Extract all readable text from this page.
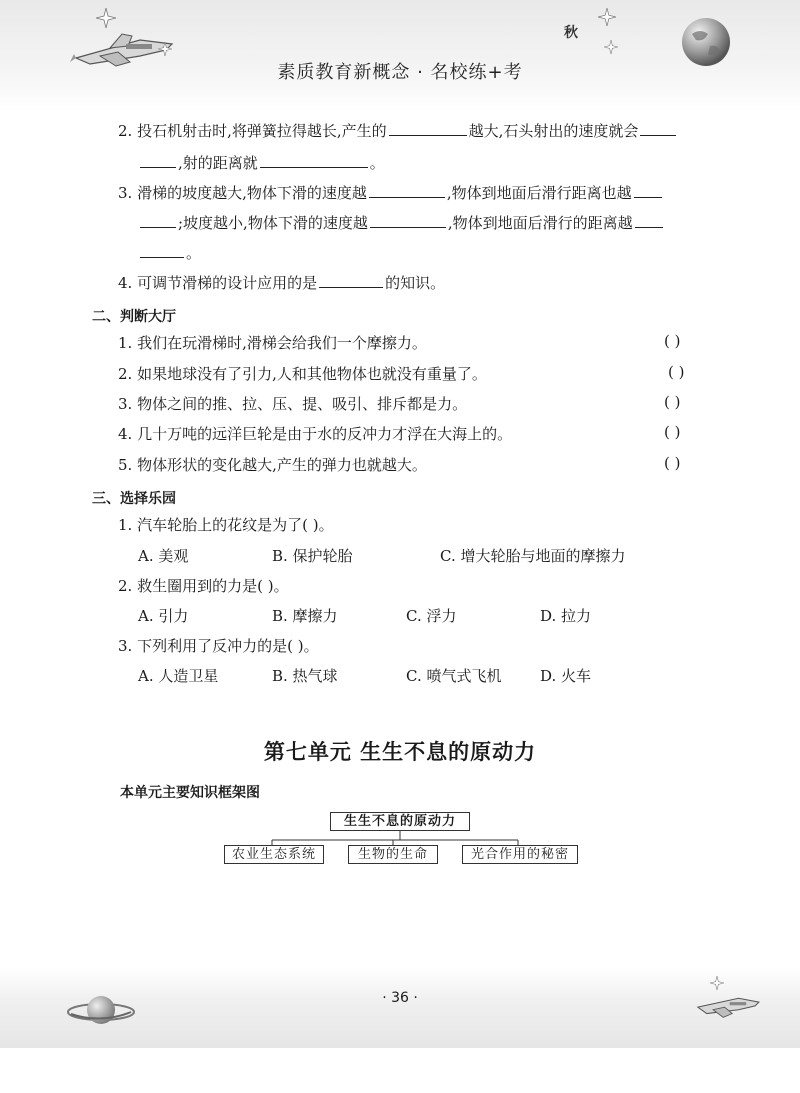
秋
素质教育新概念 · 名校练+考
2. 投石机射击时,将弹簧拉得越长,产生的	越大,石头射出的速度就会
,射的距离就	。
3. 滑梯的坡度越大,物体下滑的速度越	,物体到地面后滑行距离也越
;坡度越小,物体下滑的速度越	,物体到地面后滑行的距离越
。
4. 可调节滑梯的设计应用的是	的知识。
二、判断大厅
1. 我们在玩滑梯时,滑梯会给我们一个摩擦力。	( )
2. 如果地球没有了引力,人和其他物体也就没有重量了。	( )
3. 物体之间的推、拉、压、提、吸引、排斥都是力。	( )
4. 几十万吨的远洋巨轮是由于水的反冲力才浮在大海上的。	( )
5. 物体形状的变化越大,产生的弹力也就越大。	( )
三、选择乐园
1. 汽车轮胎上的花纹是为了( )。
A. 美观	B. 保护轮胎	C. 增大轮胎与地面的摩擦力
2. 救生圈用到的力是( )。
A. 引力	B. 摩擦力	C. 浮力	D. 拉力
3. 下列利用了反冲力的是( )。
A. 人造卫星	B. 热气球	C. 喷气式飞机	D. 火车
第七单元 生生不息的原动力
本单元主要知识框架图
生生不息的原动力
农业生态系统	生物的生命	光合作用的秘密
· 36 ·
